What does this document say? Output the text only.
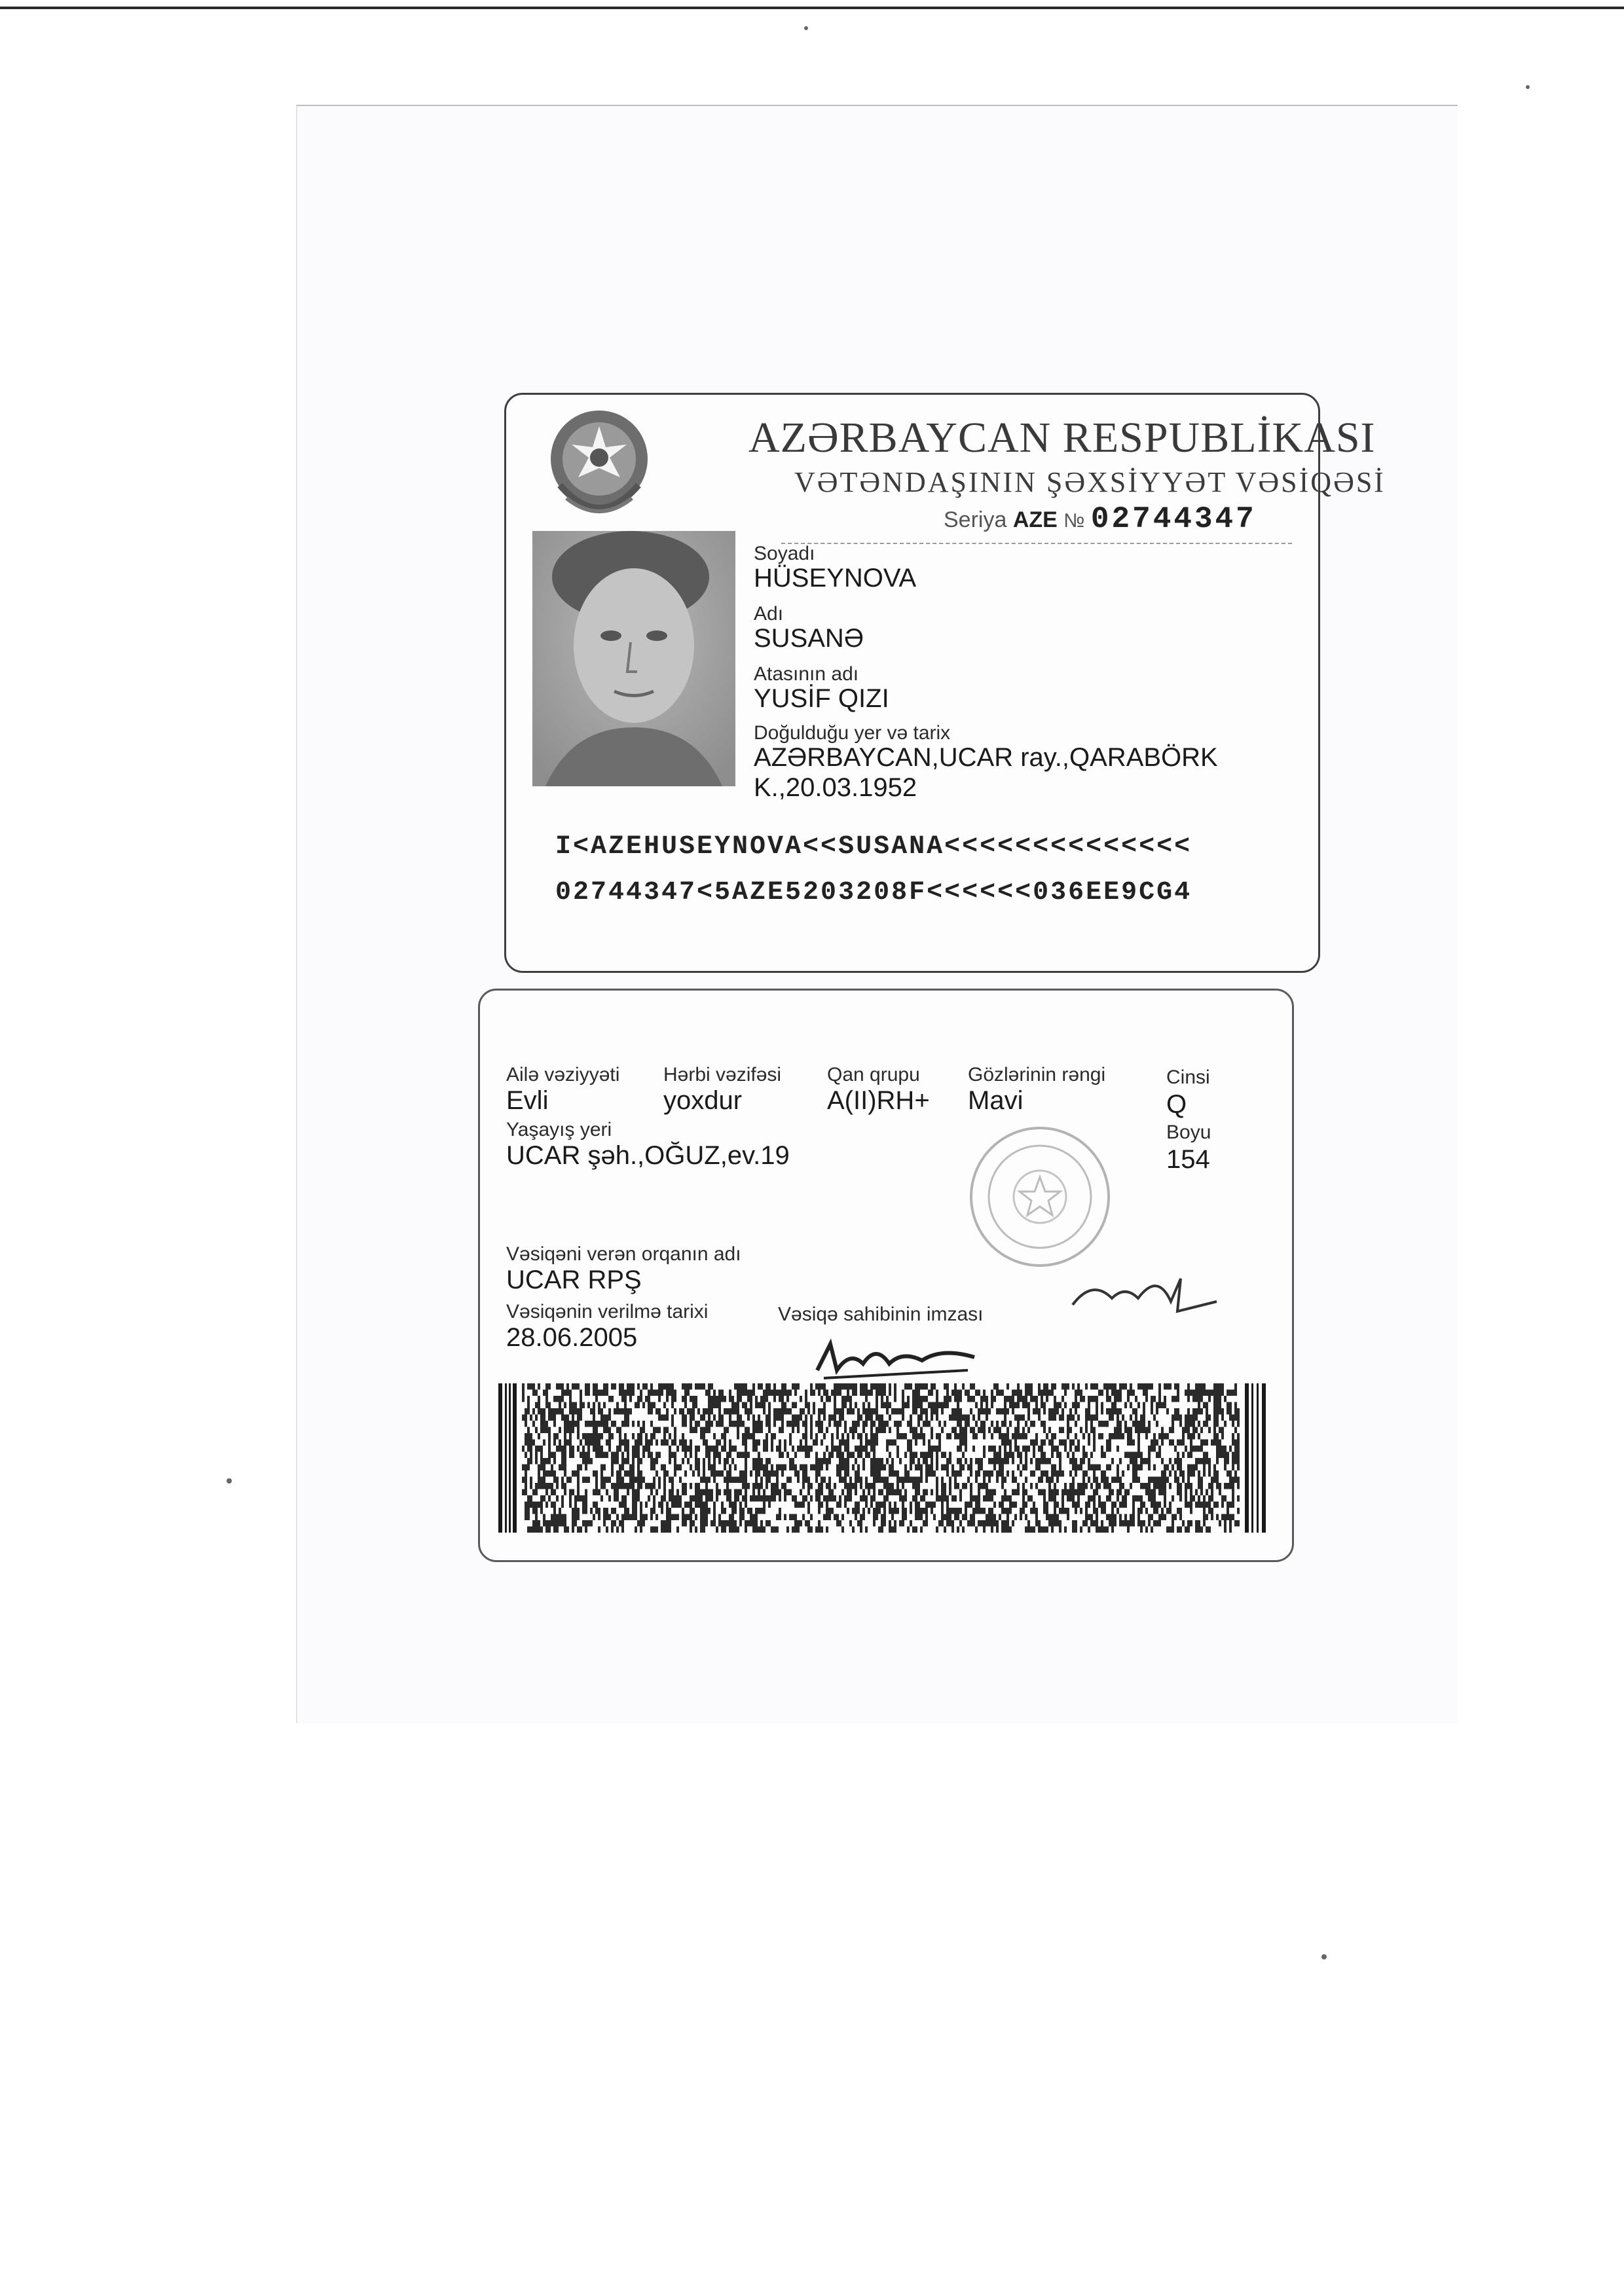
AZƏRBAYCAN RESPUBLİKASI
VƏTƏNDAŞININ ŞƏXSİYYƏT VƏSİQƏSİ
Seriya AZE № 02744347
Soyadı
HÜSEYNOVA
Adı
SUSANƏ
Atasının adı
YUSİF QIZI
Doğulduğu yer və tarix
AZƏRBAYCAN,UCAR ray.,QARABÖRK
K.,20.03.1952
I<AZEHUSEYNOVA<<SUSANA<<<<<<<<<<<<<<
02744347<5AZE5203208F<<<<<<036EE9CG4
Ailə vəziyyəti
Evli
Hərbi vəzifəsi
yoxdur
Qan qrupu
A(II)RH+
Gözlərinin rəngi
Mavi
Cinsi
Q
Yaşayış yeri
UCAR şəh.,OĞUZ,ev.19
Boyu
154
Vəsiqəni verən orqanın adı
UCAR RPŞ
Vəsiqənin verilmə tarixi
28.06.2005
Vəsiqə sahibinin imzası
